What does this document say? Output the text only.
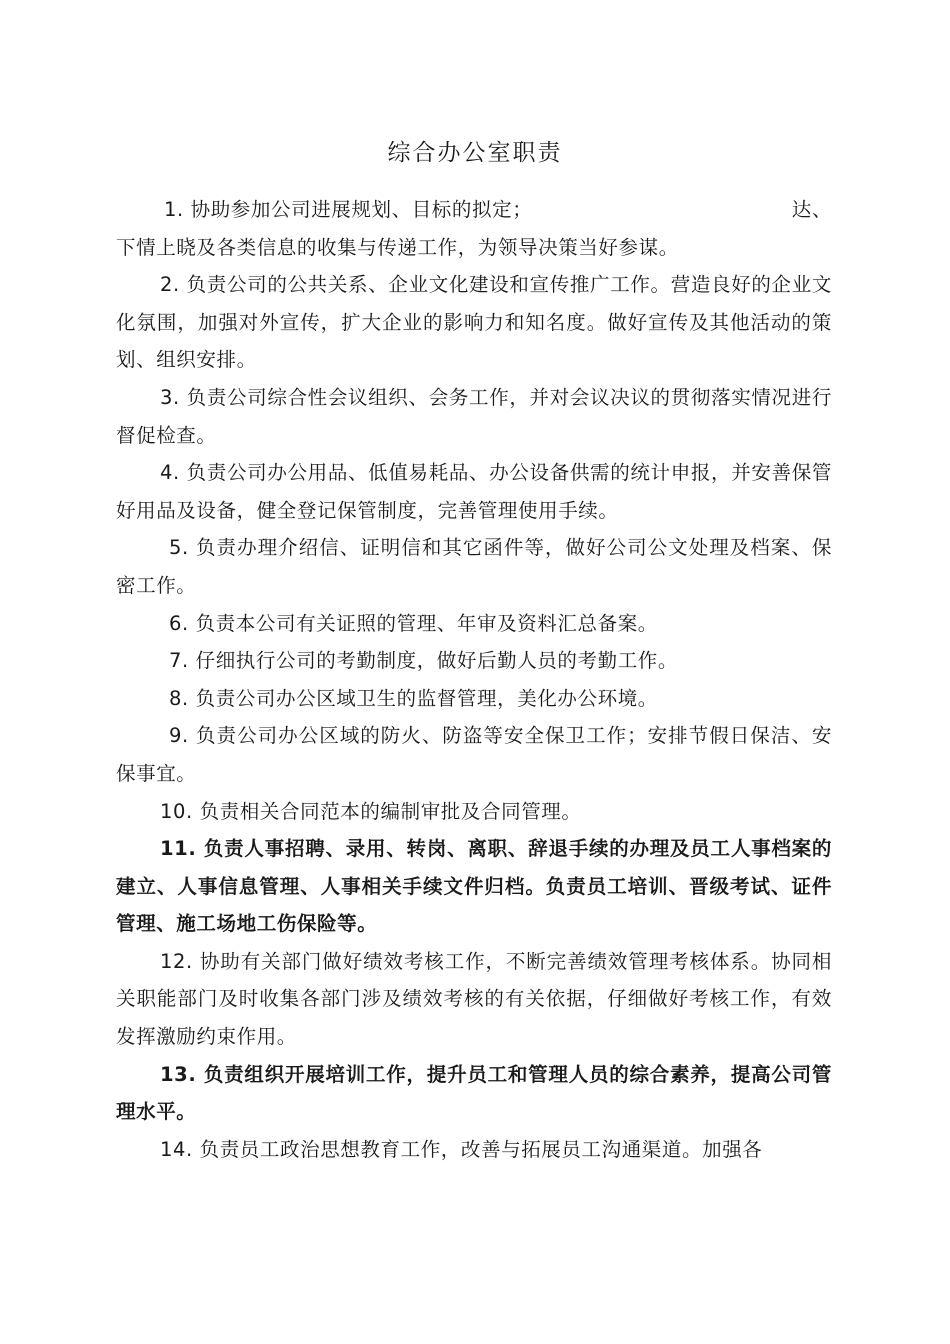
综合办公室职责
1. 协助参加公司进展规划、目标的拟定；	达、

下情上晓及各类信息的收集与传递工作，为领导决策当好参谋。

2. 负责公司的公共关系、企业文化建设和宣传推广工作。营造良好的企业文化氛围，加强对外宣传，扩大企业的影响力和知名度。做好宣传及其他活动的策划、组织安排。

3. 负责公司综合性会议组织、会务工作，并对会议决议的贯彻落实情况进行督促检查。

4. 负责公司办公用品、低值易耗品、办公设备供需的统计申报，并安善保管好用品及设备，健全登记保管制度，完善管理使用手续。

5. 负责办理介绍信、证明信和其它函件等，做好公司公文处理及档案、保密工作。

6. 负责本公司有关证照的管理、年审及资料汇总备案。

7. 仔细执行公司的考勤制度，做好后勤人员的考勤工作。

8. 负责公司办公区域卫生的监督管理，美化办公环境。

9. 负责公司办公区域的防火、防盗等安全保卫工作；安排节假日保洁、安保事宜。

10. 负责相关合同范本的编制审批及合同管理。

11. 负责人事招聘、录用、转岗、离职、辞退手续的办理及员工人事档案的建立、人事信息管理、人事相关手续文件归档。负责员工培训、晋级考试、证件管理、施工场地工伤保险等。

12. 协助有关部门做好绩效考核工作，不断完善绩效管理考核体系。协同相关职能部门及时收集各部门涉及绩效考核的有关依据，仔细做好考核工作，有效发挥激励约束作用。

13. 负责组织开展培训工作，提升员工和管理人员的综合素养，提高公司管理水平。

14. 负责员工政治思想教育工作，改善与拓展员工沟通渠道。加强各
